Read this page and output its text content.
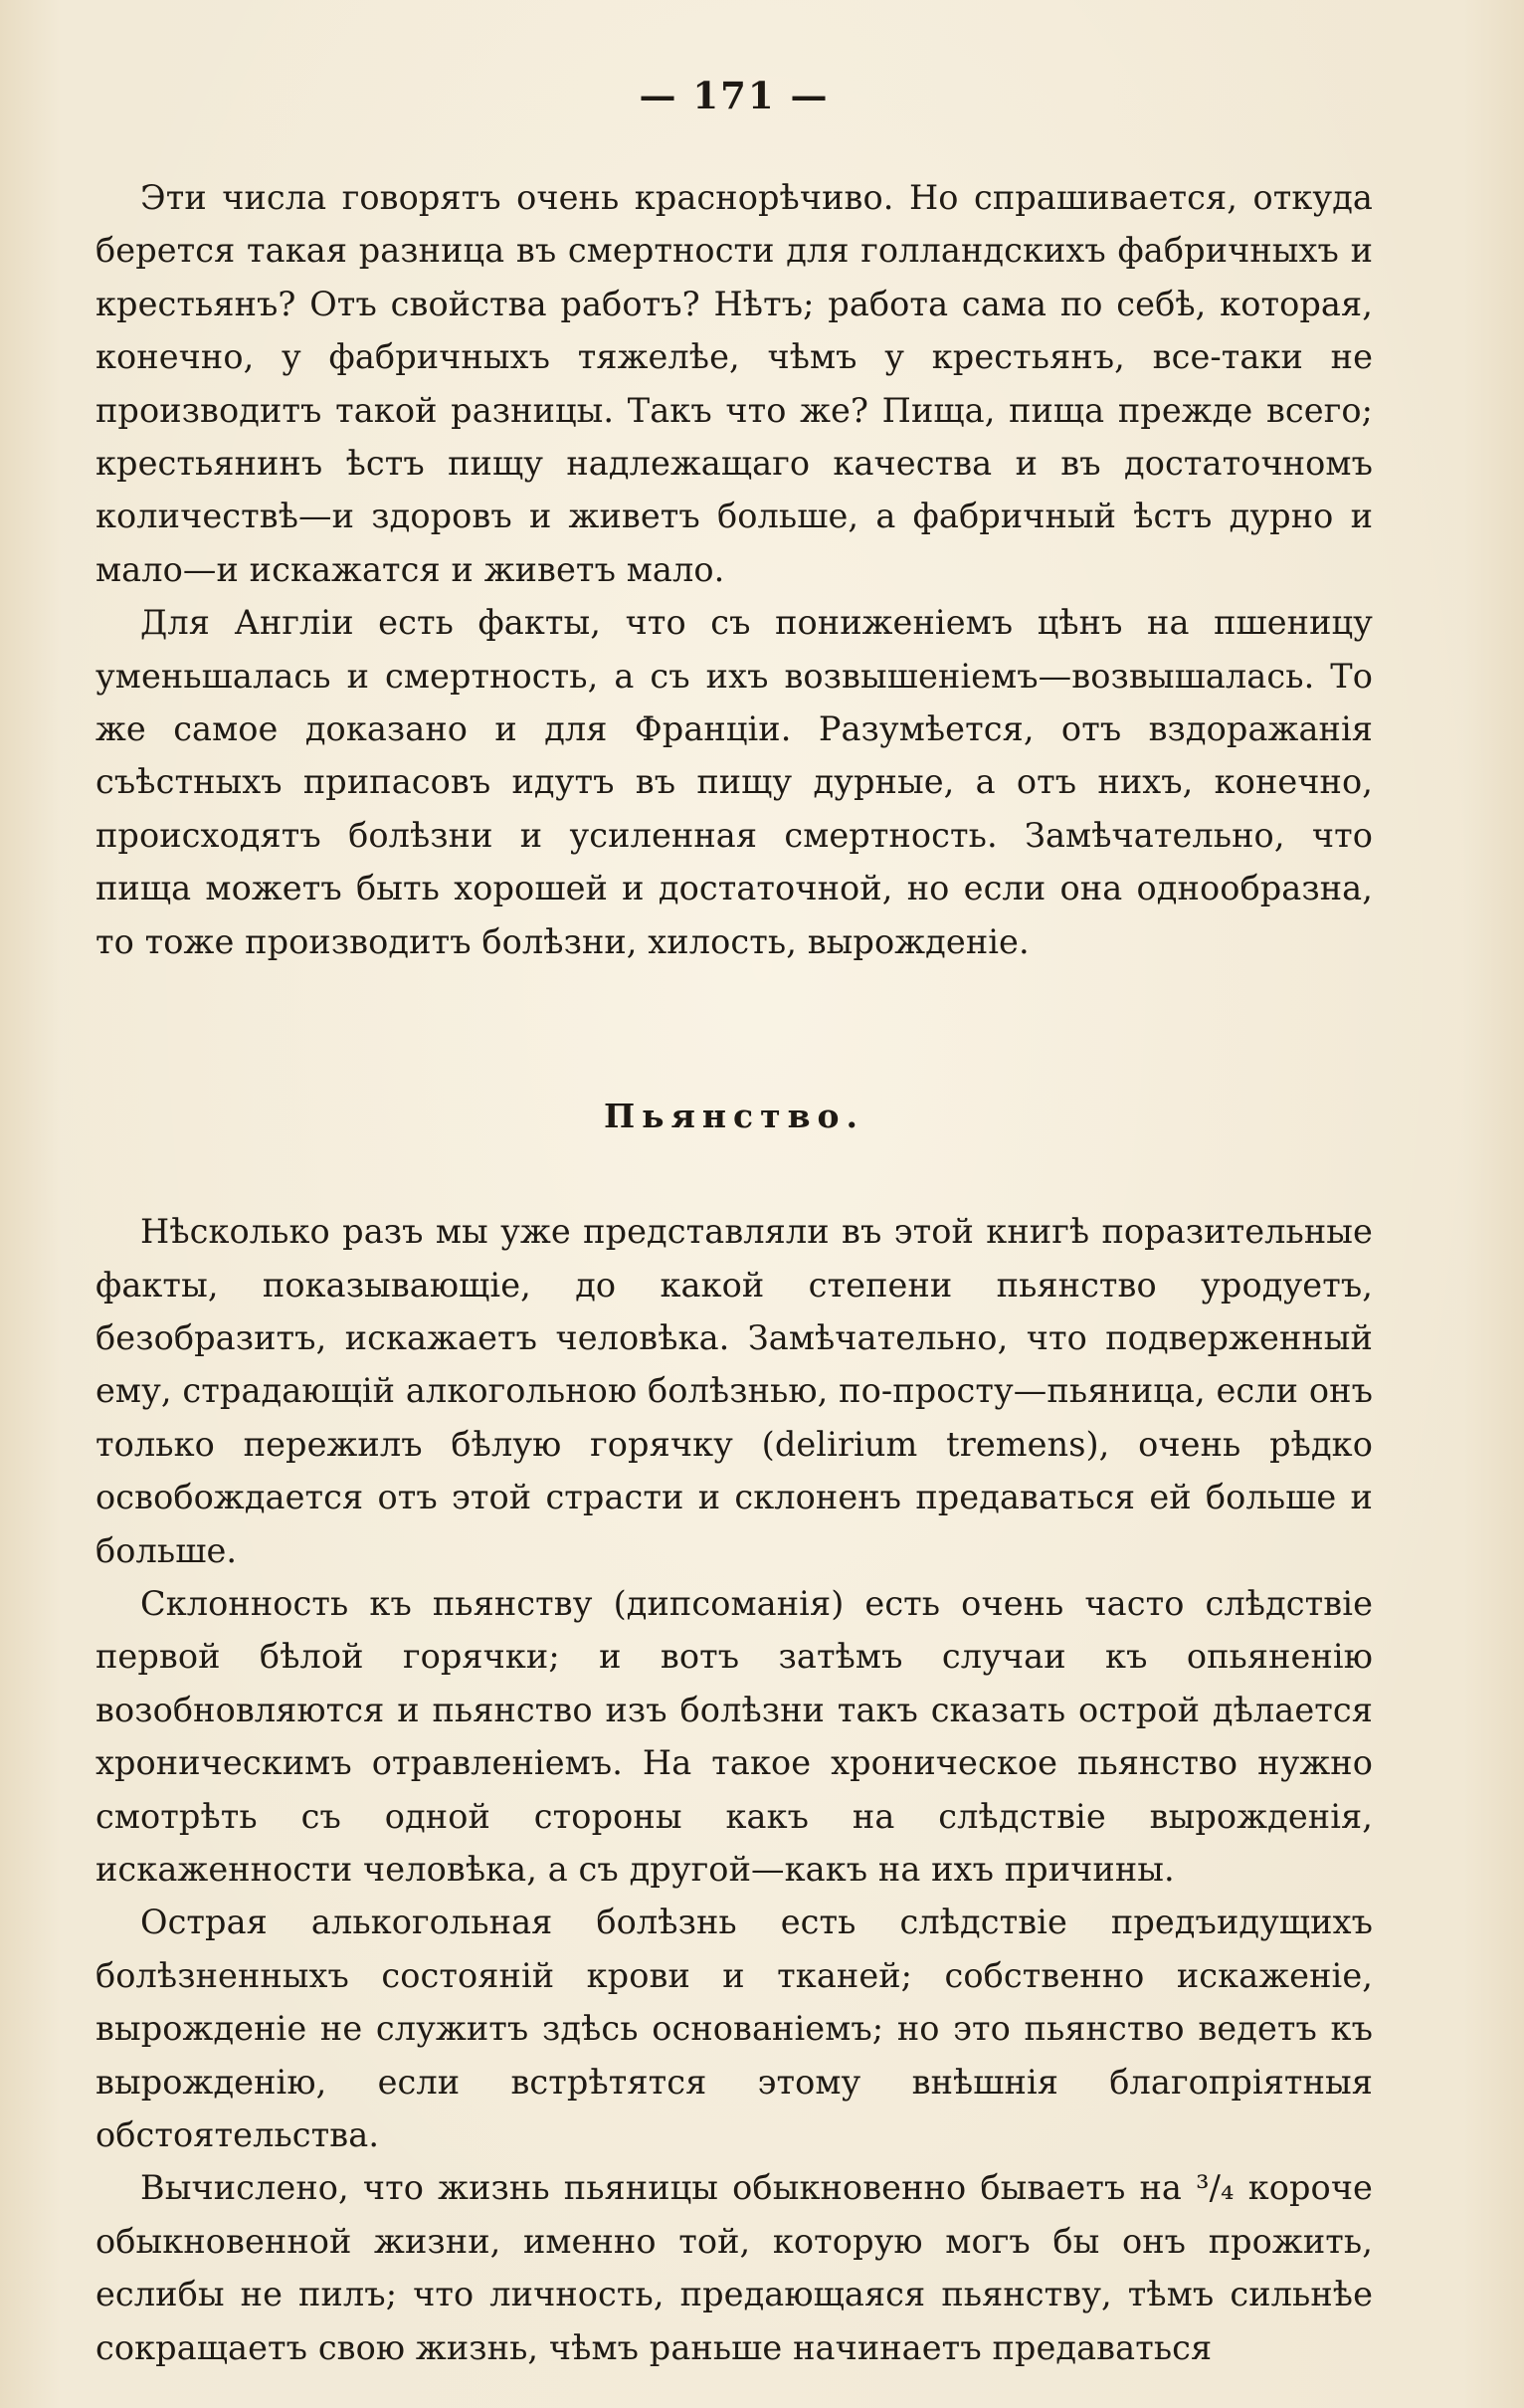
— 171 —

Эти числа говорятъ очень краснорѣчиво. Но спрашивается, откуда берется такая разница въ смертности для голландскихъ фабричныхъ и крестьянъ? Отъ свойства работъ? Нѣтъ; работа сама по себѣ, которая, конечно, у фабричныхъ тяжелѣе, чѣмъ у крестьянъ, все-таки не производитъ такой разницы. Такъ что же? Пища, пища прежде всего; крестьянинъ ѣстъ пищу надлежащаго качества и въ достаточномъ количествѣ—и здоровъ и живетъ больше, а фабричный ѣстъ дурно и мало—и искажатся и живетъ мало.

Для Англіи есть факты, что съ пониженіемъ цѣнъ на пшеницу уменьшалась и смертность, а съ ихъ возвышеніемъ—возвышалась. То же самое доказано и для Франціи. Разумѣется, отъ вздоражанія съѣстныхъ припасовъ идутъ въ пищу дурные, а отъ нихъ, конечно, происходятъ болѣзни и усиленная смертность. Замѣчательно, что пища можетъ быть хорошей и достаточной, но если она однообразна, то тоже производитъ болѣзни, хилость, вырожденіе.

Пьянство.

Нѣсколько разъ мы уже представляли въ этой книгѣ поразительные факты, показывающіе, до какой степени пьянство уродуетъ, безобразитъ, искажаетъ человѣка. Замѣчательно, что подверженный ему, страдающій алкогольною болѣзнью, по-просту—пьяница, если онъ только пережилъ бѣлую горячку (delirium tremens), очень рѣдко освобождается отъ этой страсти и склоненъ предаваться ей больше и больше.

Склонность къ пьянству (дипсоманія) есть очень часто слѣдствіе первой бѣлой горячки; и вотъ затѣмъ случаи къ опьяненію возобновляются и пьянство изъ болѣзни такъ сказать острой дѣлается хроническимъ отравленіемъ. На такое хроническое пьянство нужно смотрѣть съ одной стороны какъ на слѣдствіе вырожденія, искаженности человѣка, а съ другой—какъ на ихъ причины.

Острая алькогольная болѣзнь есть слѣдствіе предъидущихъ болѣзненныхъ состояній крови и тканей; собственно искаженіе, вырожденіе не служитъ здѣсь основаніемъ; но это пьянство ведетъ къ вырожденію, если встрѣтятся этому внѣшнія благопріятныя обстоятельства.

Вычислено, что жизнь пьяницы обыкновенно бываетъ на ³/₄ короче обыкновенной жизни, именно той, которую могъ бы онъ прожить, еслибы не пилъ; что личность, предающаяся пьянству, тѣмъ сильнѣе сокращаетъ свою жизнь, чѣмъ раньше начинаетъ предаваться
